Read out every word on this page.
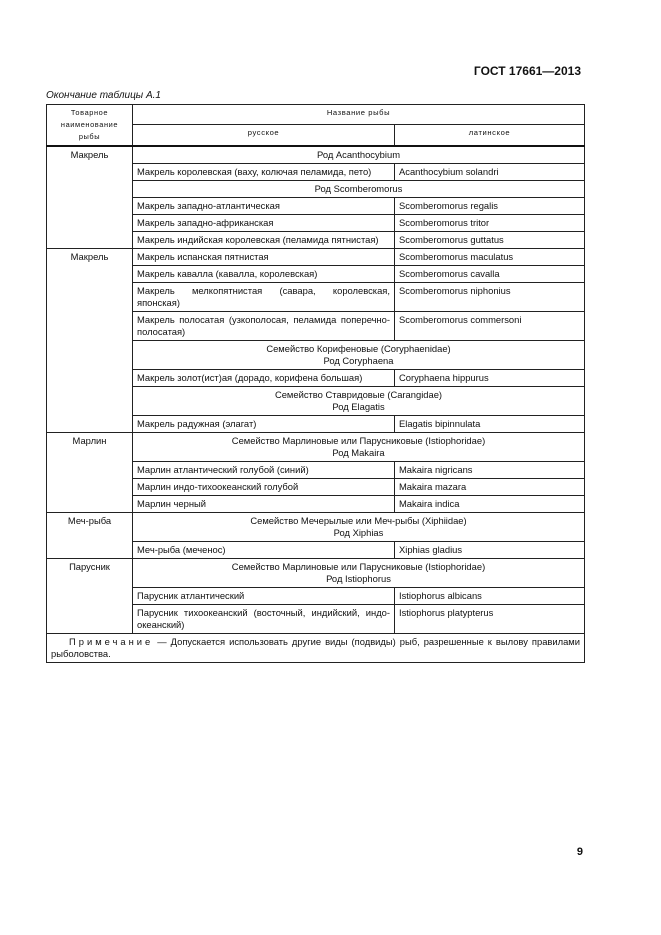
ГОСТ 17661—2013
Окончание таблицы А.1
Товарное наименование рыбы	Название рыбы	
	русское	латинское
Макрель	Род Acanthocybium	
	Макрель королевская (ваху, колючая пеламида, пето)	Acanthocybium solandri
	Род Scomberomorus	
	Макрель западно-атлантическая	Scomberomorus regalis
	Макрель западно-африканская	Scomberomorus tritor
	Макрель индийская королевская (пеламида пятнистая)	Scomberomorus guttatus
Макрель	Макрель испанская пятнистая	Scomberomorus maculatus
	Макрель кавалла (кавалла, королевская)	Scomberomorus cavalla
	Макрель мелкопятнистая (савара, королевская, японская)	Scomberomorus niphonius
	Макрель полосатая (узкополосая, пеламида поперечно-полосатая)	Scomberomorus commersoni

	Семейство Корифеновые (Coryphaenidae)
Род Coryphaena	

	Макрель золот(ист)ая (дорадо, корифена большая)	Coryphaena hippurus

	Семейство Ставридовые (Carangidae)
Род Elagatis	

	Макрель радужная (элагат)	Elagatis bipinnulata
Марлин	Семейство Марлиновые или Парусниковые (Istiophoridae)
Род Makaira	

	Марлин атлантический голубой (синий)	Makaira nigricans
	Марлин индо-тихоокеанский голубой	Makaira mazara
	Марлин черный	Makaira indica
Меч-рыба	Семейство Мечерылые или Меч-рыбы (Xiphiidae)
Род Xiphias	

	Меч-рыба (меченос)	Xiphias gladius
Парусник	Семейство Марлиновые или Парусниковые (Istiophoridae)
Род Istiophorus	

	Парусник атлантический	Istiophorus albicans
	Парусник тихоокеанский (восточный, индийский, индо-океанский)	Istiophorus platypterus
Примечание — Допускается использовать другие виды (подвиды) рыб, разрешенные к вылову правилами рыболовства.		
9
